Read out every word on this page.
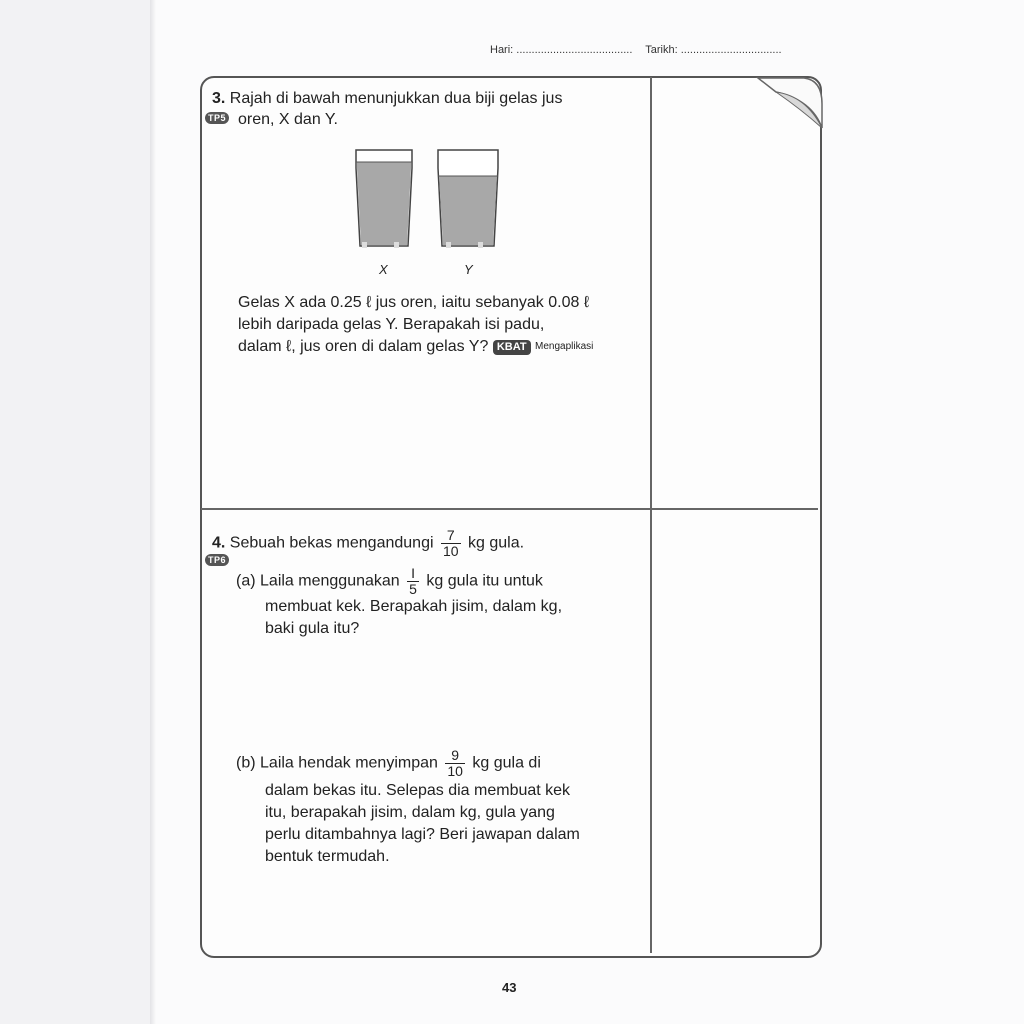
Hari: ...................................... Tarikh: .................................
3. Rajah di bawah menunjukkan dua biji gelas jus
TP5 oren, X dan Y.
X	Y
Gelas X ada 0.25 ℓ jus oren, iaitu sebanyak 0.08 ℓ
lebih daripada gelas Y. Berapakah isi padu,
dalam ℓ, jus oren di dalam gelas Y? KBAT Mengaplikasi
4. Sebuah bekas mengandungi $\frac{7}{10}$ kg gula.
TP6
(a) Laila menggunakan $\frac{I}{5}$ kg gula itu untuk
membuat kek. Berapakah jisim, dalam kg,
baki gula itu?
(b) Laila hendak menyimpan $\frac{9}{10}$ kg gula di
dalam bekas itu. Selepas dia membuat kek
itu, berapakah jisim, dalam kg, gula yang
perlu ditambahnya lagi? Beri jawapan dalam
bentuk termudah.
43
